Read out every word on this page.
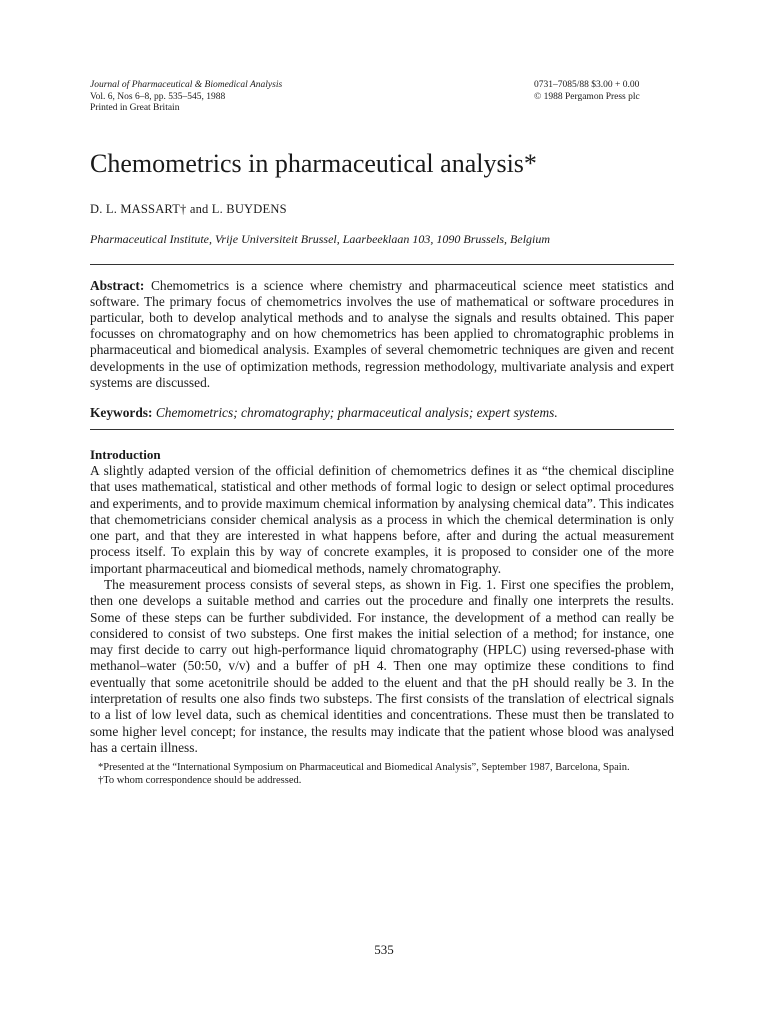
Journal of Pharmaceutical & Biomedical Analysis
Vol. 6, Nos 6–8, pp. 535–545, 1988
Printed in Great Britain
0731–7085/88 $3.00 + 0.00
© 1988 Pergamon Press plc
Chemometrics in pharmaceutical analysis*
D. L. MASSART† and L. BUYDENS
Pharmaceutical Institute, Vrije Universiteit Brussel, Laarbeeklaan 103, 1090 Brussels, Belgium
Abstract: Chemometrics is a science where chemistry and pharmaceutical science meet statistics and software. The primary focus of chemometrics involves the use of mathematical or software procedures in particular, both to develop analytical methods and to analyse the signals and results obtained. This paper focusses on chromatography and on how chemometrics has been applied to chromatographic problems in pharmaceutical and biomedical analysis. Examples of several chemometric techniques are given and recent developments in the use of optimization methods, regression methodology, multivariate analysis and expert systems are discussed.
Keywords: Chemometrics; chromatography; pharmaceutical analysis; expert systems.
Introduction

A slightly adapted version of the official definition of chemometrics defines it as “the chemical discipline that uses mathematical, statistical and other methods of formal logic to design or select optimal procedures and experiments, and to provide maximum chemical information by analysing chemical data”. This indicates that chemometricians consider chemical analysis as a process in which the chemical determination is only one part, and that they are interested in what happens before, after and during the actual measurement process itself. To explain this by way of concrete examples, it is proposed to consider one of the more important pharmaceutical and biomedical methods, namely chromatography.

The measurement process consists of several steps, as shown in Fig. 1. First one specifies the problem, then one develops a suitable method and carries out the procedure and finally one interprets the results. Some of these steps can be further subdivided. For instance, the development of a method can really be considered to consist of two substeps. One first makes the initial selection of a method; for instance, one may first decide to carry out high-performance liquid chromatography (HPLC) using reversed-phase with methanol–water (50:50, v/v) and a buffer of pH 4. Then one may optimize these conditions to find eventually that some acetonitrile should be added to the eluent and that the pH should really be 3. In the interpretation of results one also finds two substeps. The first consists of the translation of electrical signals to a list of low level data, such as chemical identities and concentrations. These must then be translated to some higher level concept; for instance, the results may indicate that the patient whose blood was analysed has a certain illness.

*Presented at the “International Symposium on Pharmaceutical and Biomedical Analysis”, September 1987, Barcelona, Spain.
†To whom correspondence should be addressed.
535
